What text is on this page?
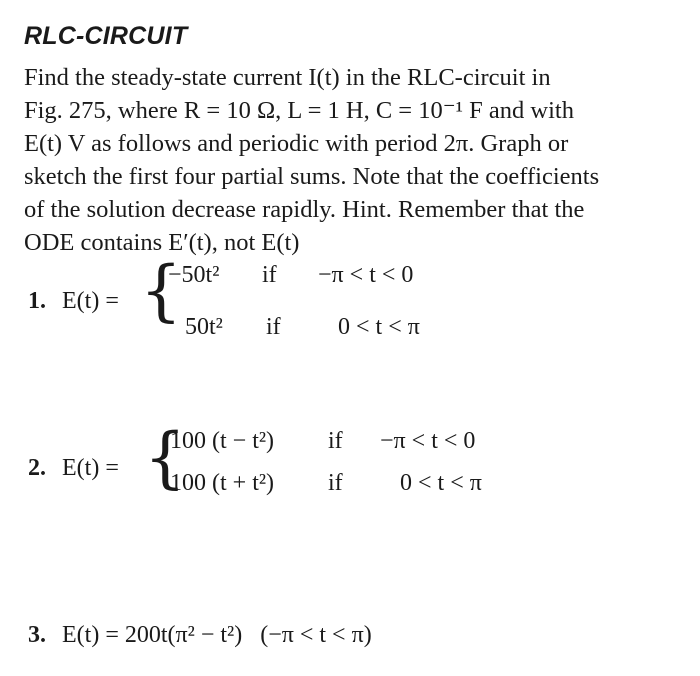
RLC-CIRCUIT
Find the steady-state current I(t) in the RLC-circuit in
Fig. 275, where R = 10 Ω, L = 1 H, C = 10⁻¹ F and with
E(t) V as follows and periodic with period 2π. Graph or
sketch the first four partial sums. Note that the coefficients
of the solution decrease rapidly. Hint. Remember that the
ODE contains E′(t), not E(t)
1. E(t) = {
−50t² if −π < t < 0
50t² if 0 < t < π
2. E(t) = {
100 (t − t²) if −π < t < 0
100 (t + t²) if 0 < t < π
3. E(t) = 200t(π² − t²)   (−π < t < π)
